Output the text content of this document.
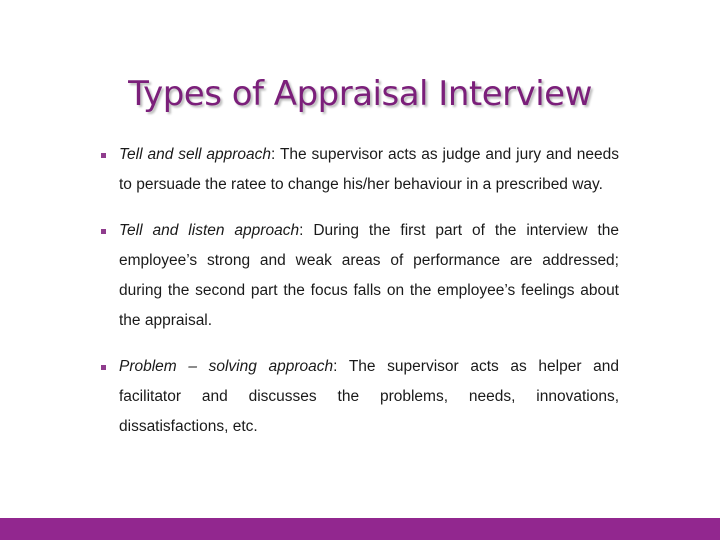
Types of Appraisal Interview
Tell and sell approach: The supervisor acts as judge and jury and needs to persuade the ratee to change his/her behaviour in a prescribed way.
Tell and listen approach: During the first part of the interview the employee’s strong and weak areas of performance are addressed; during the second part the focus falls on the employee’s feelings about the appraisal.
Problem – solving approach: The supervisor acts as helper and facilitator and discusses the problems, needs, innovations, dissatisfactions, etc.
